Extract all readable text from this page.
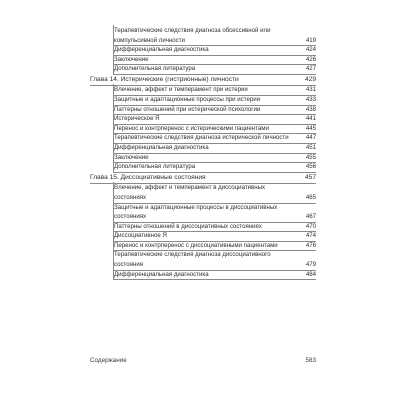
Терапевтические следствия диагноза обсессивной или компульсивной личности	419
Дифференциальная диагностика	424
Заключение	426
Дополнительная литература	427
Глава 14. Истерические (гистрионные) личности	429
Влечение, аффект и темперамент при истерии	431
Защитные и адаптационные процессы при истерии	433
Паттерны отношений при истерической психологии	438
Истерическое Я	441
Перенос и контрперенос с истерическими пациентами	445
Терапевтические следствия диагноза истерической личности	447
Дифференциальная диагностика	451
Заключение	455
Дополнительная литература	456
Глава 15. Диссоциативные состояния	457
Влечение, аффект и темперамент в диссоциативных состояниях	465
Защитные и адаптационные процессы в диссоциативных состояниях	467
Паттерны отношений в диссоциативных состояниях	470
Диссоциативное Я	474
Перенос и контрперенос с диссоциативными пациентами	476
Терапевтические следствия диагноза диссоциативного состояния	479
Дифференциальная диагностика	484
Содержание	583
